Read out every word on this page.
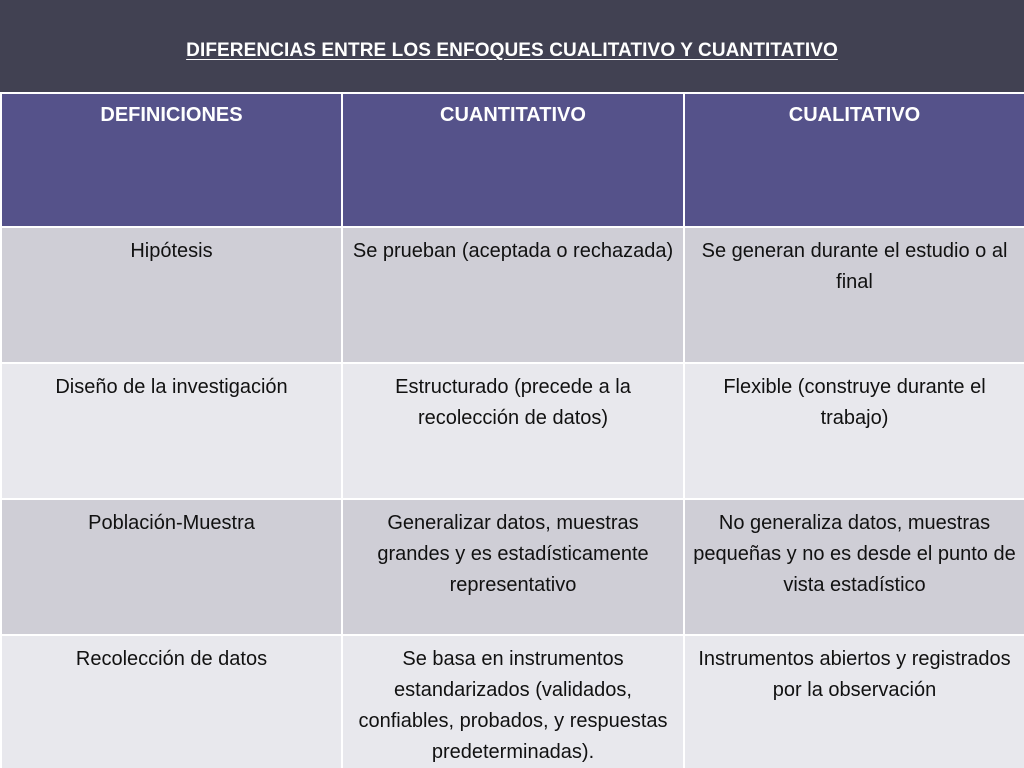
DIFERENCIAS ENTRE LOS ENFOQUES CUALITATIVO Y CUANTITATIVO
DEFINICIONES	CUANTITATIVO	CUALITATIVO
Hipótesis	Se prueban (aceptada o rechazada)	Se generan durante el estudio o al final
Diseño de la investigación	Estructurado (precede a la recolección de datos)	Flexible (construye durante el trabajo)
Población-Muestra	Generalizar datos, muestras grandes y es estadísticamente representativo	No generaliza datos, muestras pequeñas y no es desde el punto de vista estadístico
Recolección de datos	Se basa en instrumentos estandarizados (validados, confiables, probados, y respuestas predeterminadas).	Instrumentos abiertos y registrados por la observación
